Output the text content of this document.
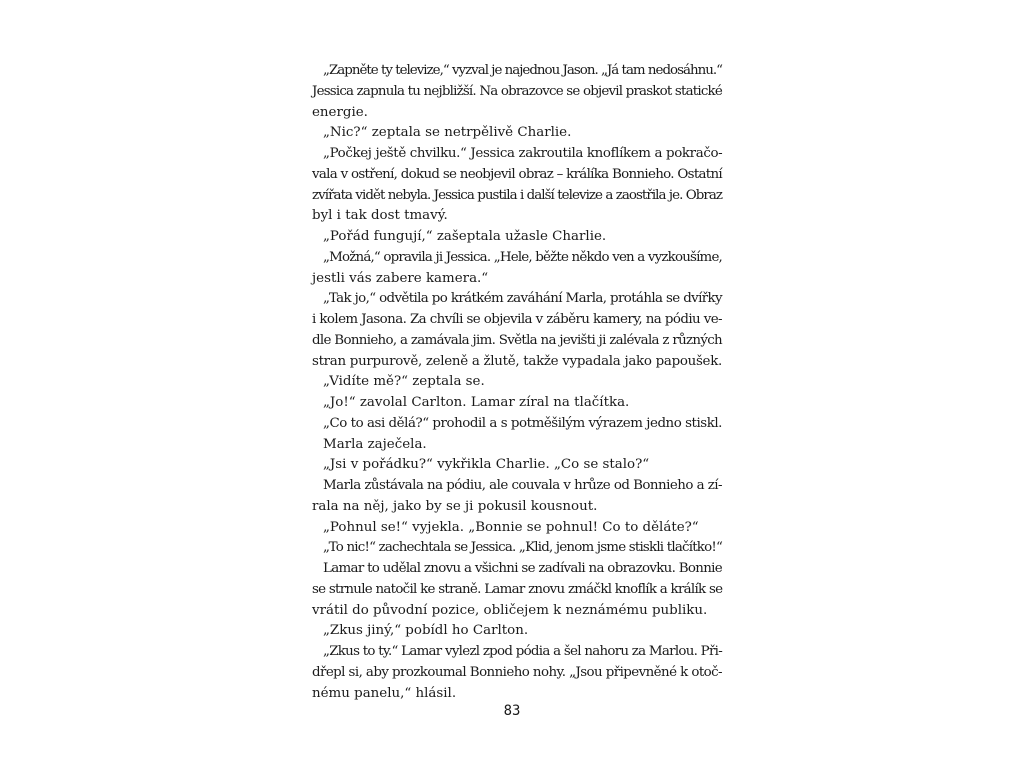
„Zapněte ty televize,“ vyzval je najednou Jason. „Já tam nedosáhnu.“
Jessica zapnula tu nejbližší. Na obrazovce se objevil praskot statické
energie.
„Nic?“ zeptala se netrpělivě Charlie.
„Počkej ještě chvilku.“ Jessica zakroutila knoflíkem a pokračo-
vala v ostření, dokud se neobjevil obraz – králíka Bonnieho. Ostatní
zvířata vidět nebyla. Jessica pustila i další televize a zaostřila je. Obraz
byl i tak dost tmavý.
„Pořád fungují,“ zašeptala užasle Charlie.
„Možná,“ opravila ji Jessica. „Hele, běžte někdo ven a vyzkoušíme,
jestli vás zabere kamera.“
„Tak jo,“ odvětila po krátkém zaváhání Marla, protáhla se dvířky
i kolem Jasona. Za chvíli se objevila v záběru kamery, na pódiu ve-
dle Bonnieho, a zamávala jim. Světla na jevišti ji zalévala z různých
stran purpurově, zeleně a žlutě, takže vypadala jako papoušek.
„Vidíte mě?“ zeptala se.
„Jo!“ zavolal Carlton. Lamar zíral na tlačítka.
„Co to asi dělá?“ prohodil a s potměšilým výrazem jedno stiskl.
Marla zaječela.
„Jsi v pořádku?“ vykřikla Charlie. „Co se stalo?“
Marla zůstávala na pódiu, ale couvala v hrůze od Bonnieho a zí-
rala na něj, jako by se ji pokusil kousnout.
„Pohnul se!“ vyjekla. „Bonnie se pohnul! Co to děláte?“
„To nic!“ zachechtala se Jessica. „Klid, jenom jsme stiskli tlačítko!“
Lamar to udělal znovu a všichni se zadívali na obrazovku. Bonnie
se strnule natočil ke straně. Lamar znovu zmáčkl knoflík a králík se
vrátil do původní pozice, obličejem k neznámému publiku.
„Zkus jiný,“ pobídl ho Carlton.
„Zkus to ty.“ Lamar vylezl zpod pódia a šel nahoru za Marlou. Při-
dřepl si, aby prozkoumal Bonnieho nohy. „Jsou připevněné k otoč-
nému panelu,“ hlásil.
83
